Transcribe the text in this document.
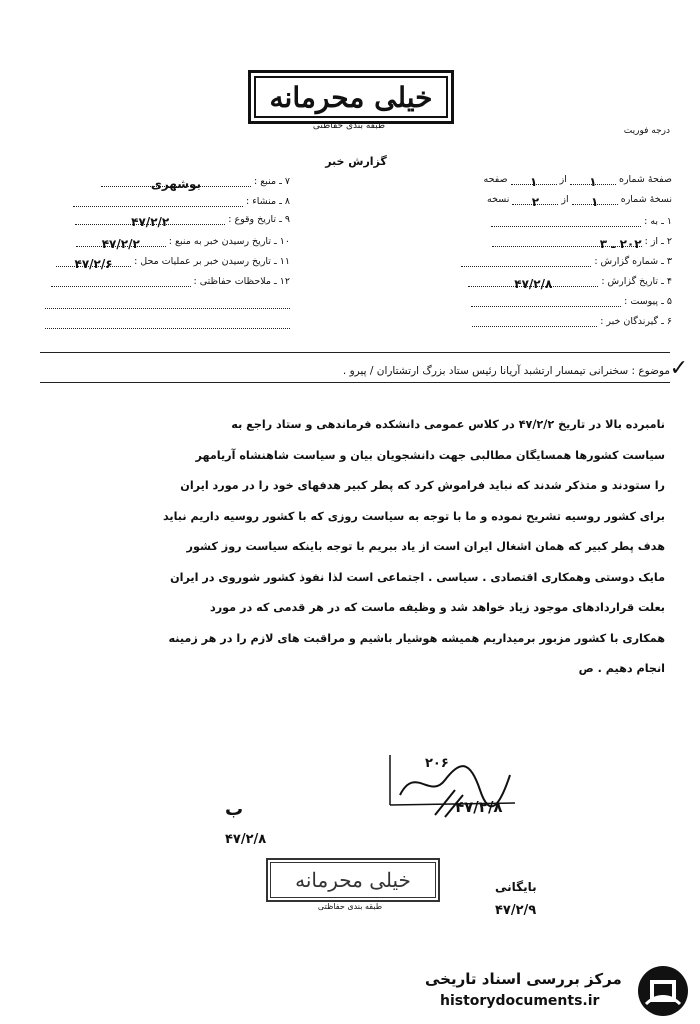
خیلی محرمانه
طبقه بندی حفاظتی	درجه فوریت
گزارش خبر
صفحهٔ شماره ۱ از ۱ صفحه
نسخهٔ شماره ۱ از ۲ نسخه
۱ ـ به :
۲ ـ از : ۲۰۲ ـ ۳
۳ ـ شماره گزارش :
۴ ـ تاریخ گزارش : ۴۷/۲/۸
۵ ـ پیوست :
۶ ـ گیرندگان خبر :
۷ ـ منبع : بوشهری
۸ ـ منشاء :
۹ ـ تاریخ وقوع : ۴۷/۲/۲
۱۰ ـ تاریخ رسیدن خبر به منبع : ۴۷/۲/۲
۱۱ ـ تاریخ رسیدن خبر بر عملیات محل : ۴۷/۲/۶
۱۲ ـ ملاحظات حفاظتی :
✓
موضوع : سخنرانی تیمسار ارتشبد آریانا رئیس ستاد بزرگ ارتشتاران / پیرو .
نامبرده بالا در تاریخ ۴۷/۲/۲ در کلاس عمومی دانشکده فرماندهی و ستاد راجع به
سیاست کشورها همسایگان مطالبی جهت دانشجویان بیان و سیاست شاهنشاه آریامهر
را ستودند و متذکر شدند که نباید فراموش کرد که پطر کبیر هدفهای خود را در مورد ایران
برای کشور روسیه تشریح نموده و ما با توجه به سیاست روزی که با کشور روسیه داریم نباید
هدف پطر کبیر که همان اشغال ایران است از یاد ببریم با توجه باینکه سیاست روز کشور
مایک دوستی وهمکاری اقتصادی . سیاسی . اجتماعی است لذا نفوذ کشور شوروی در ایران
بعلت قراردادهای موجود زیاد خواهد شد و وظیفه ماست که در هر قدمی که در مورد
همکاری با کشور مزبور برمیداریم همیشه هوشیار باشیم و مراقبت های لازم را در هر زمینه
انجام دهیم . ص
۲۰۶
۴۷/۲/۸
ب
۴۷/۲/۸
خیلی محرمانه
طبقه بندی حفاظتی
بایگانی
۴۷/۲/۹
مرکز بررسی اسناد تاریخی
historydocuments.ir
